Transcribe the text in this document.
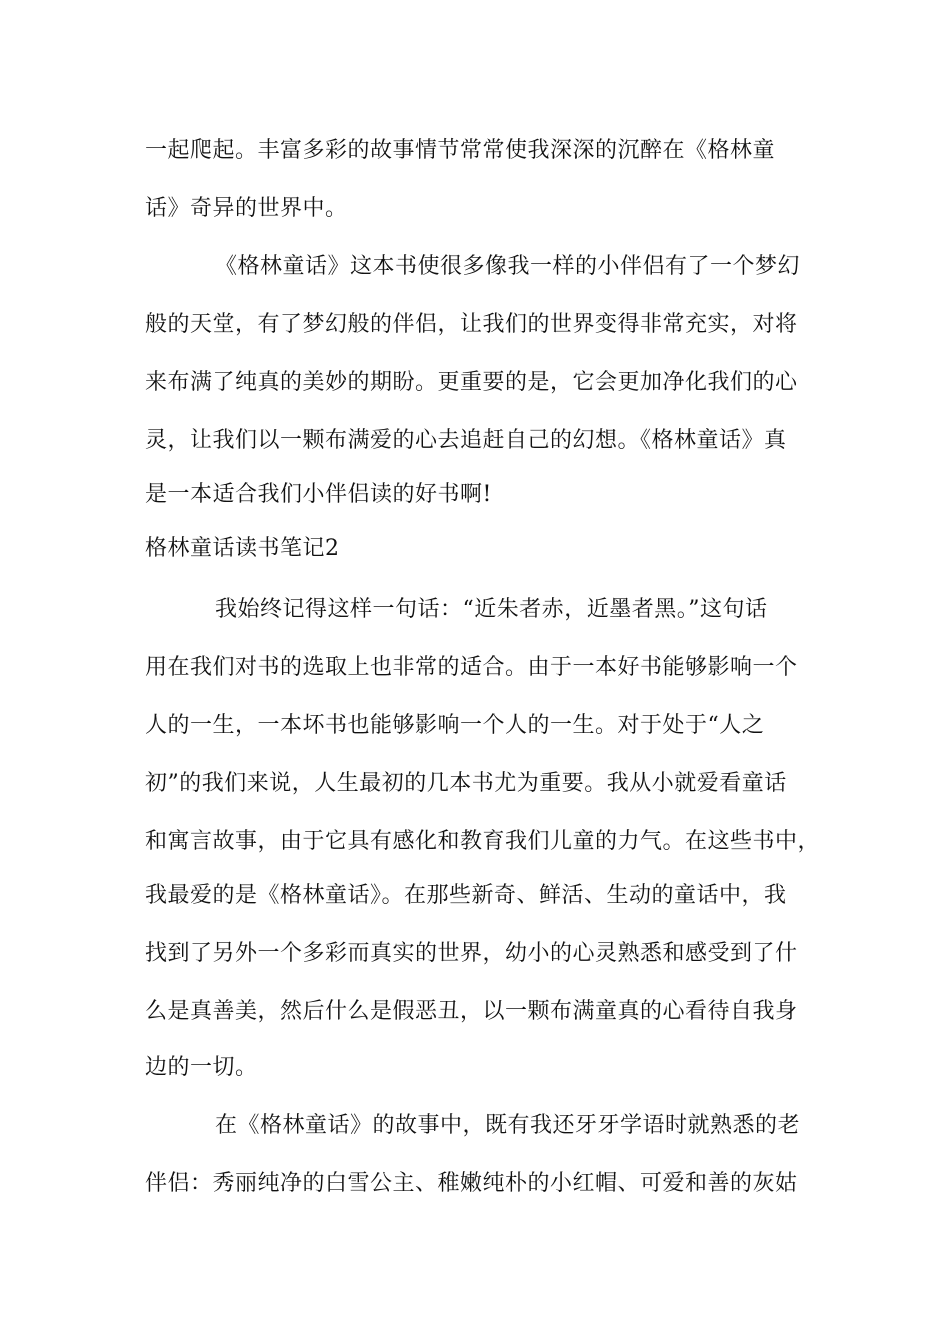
一起爬起。丰富多彩的故事情节常常使我深深的沉醉在《格林童
话》奇异的世界中。
《格林童话》这本书使很多像我一样的小伴侣有了一个梦幻
般的天堂，有了梦幻般的伴侣，让我们的世界变得非常充实，对将
来布满了纯真的美妙的期盼。更重要的是，它会更加净化我们的心
灵，让我们以一颗布满爱的心去追赶自己的幻想。《格林童话》真
是一本适合我们小伴侣读的好书啊!
格林童话读书笔记2
我始终记得这样一句话：“近朱者赤，近墨者黑。”这句话
用在我们对书的选取上也非常的适合。由于一本好书能够影响一个
人的一生，一本坏书也能够影响一个人的一生。对于处于“人之
初”的我们来说，人生最初的几本书尤为重要。我从小就爱看童话
和寓言故事，由于它具有感化和教育我们儿童的力气。在这些书中，
我最爱的是《格林童话》。在那些新奇、鲜活、生动的童话中，我
找到了另外一个多彩而真实的世界，幼小的心灵熟悉和感受到了什
么是真善美，然后什么是假恶丑，以一颗布满童真的心看待自我身
边的一切。
在《格林童话》的故事中，既有我还牙牙学语时就熟悉的老
伴侣：秀丽纯净的白雪公主、稚嫩纯朴的小红帽、可爱和善的灰姑
